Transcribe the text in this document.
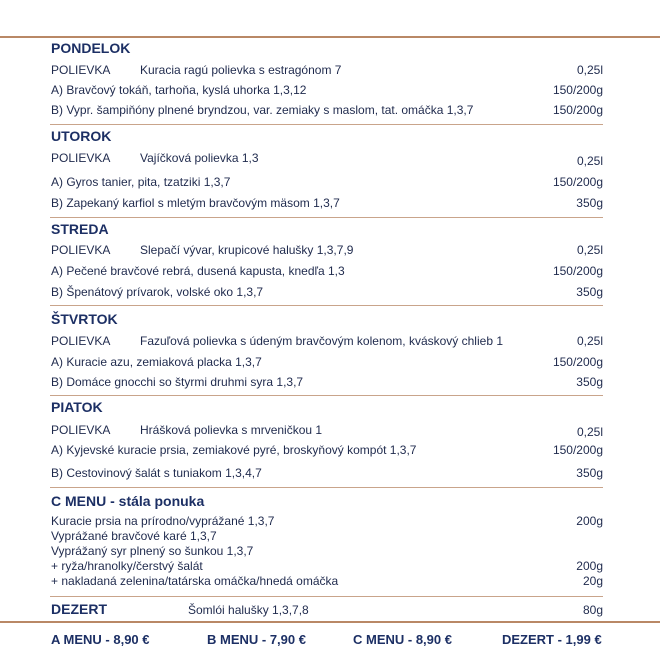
PONDELOK
POLIEVKA Kuracia ragú polievka s estragónom 7	0,25l
A) Bravčový tokáň, tarhoňa, kyslá uhorka 1,3,12	150/200g
B) Vypr. šampiňóny plnené bryndzou, var. zemiaky s maslom, tat. omáčka 1,3,7	150/200g
UTOROK
POLIEVKA Vajíčková polievka 1,3	0,25l
A) Gyros tanier, pita, tzatziki 1,3,7	150/200g
B) Zapekaný karfiol s mletým bravčovým mäsom 1,3,7	350g
STREDA
POLIEVKA Slepačí vývar, krupicové halušky 1,3,7,9	0,25l
A) Pečené bravčové rebrá, dusená kapusta, knedľa 1,3	150/200g
B) Špenátový prívarok, volské oko 1,3,7	350g
ŠTVRTOK
POLIEVKA Fazuľová polievka s údeným bravčovým kolenom, kváskový chlieb 1	0,25l
A) Kuracie azu, zemiaková placka 1,3,7	150/200g
B) Domáce gnocchi so štyrmi druhmi syra 1,3,7	350g
PIATOK
POLIEVKA Hrášková polievka s mrveničkou 1	0,25l
A) Kyjevské kuracie prsia, zemiakové pyré, broskyňový kompót 1,3,7	150/200g
B) Cestovinový šalát s tuniakom 1,3,4,7	350g
C MENU - stála ponuka
Kuracie prsia na prírodno/vyprážané 1,3,7	200g
Vyprážané bravčové karé 1,3,7
Vyprážaný syr plnený so šunkou 1,3,7
+ ryža/hranolky/čerstvý šalát	200g
+ nakladaná zelenina/tatárska omáčka/hnedá omáčka	20g
DEZERT	Šomlói halušky 1,3,7,8	80g
A MENU - 8,90 €	B MENU - 7,90 €	C MENU - 8,90 €	DEZERT - 1,99 €
